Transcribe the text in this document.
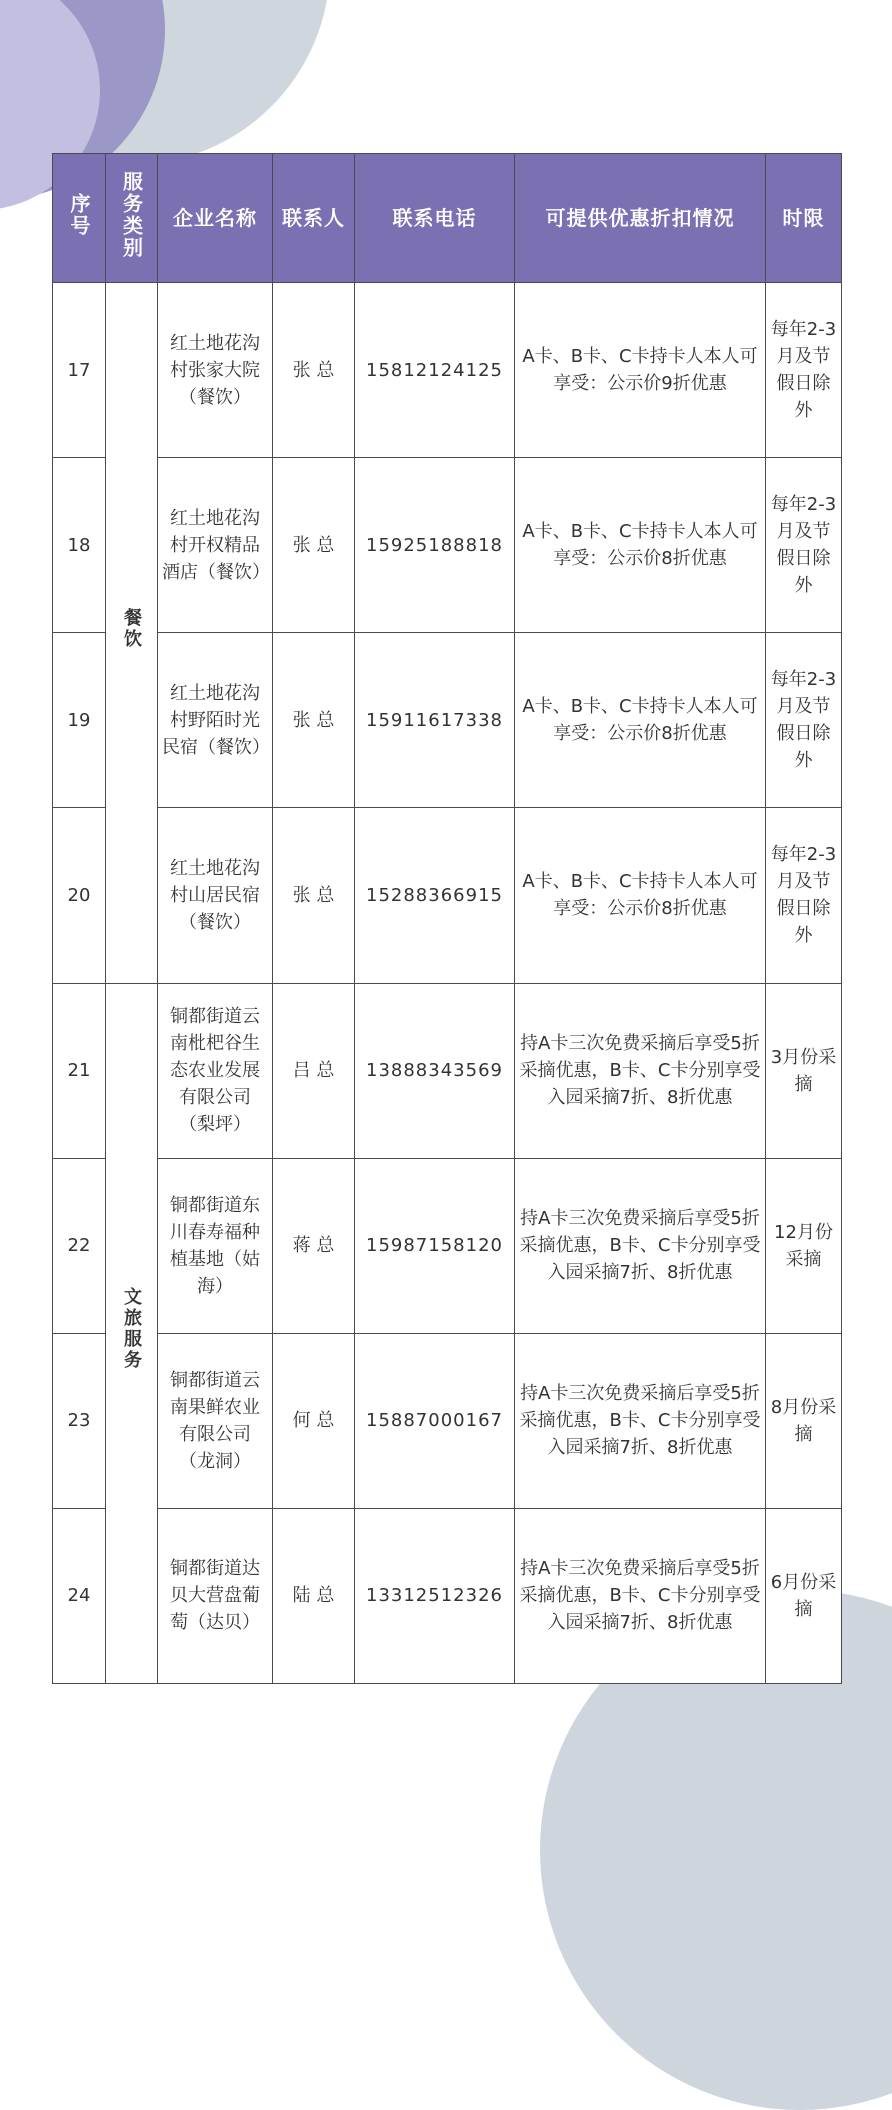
序号	服务类别	企业名称	联系人	联系电话	可提供优惠折扣情况	时限
17	餐饮	红土地花沟村张家大院（餐饮）	张 总	15812124125	A卡、B卡、C卡持卡人本人可享受：公示价9折优惠	每年2-3月及节假日除外
18		红土地花沟村开权精品酒店（餐饮）	张 总	15925188818	A卡、B卡、C卡持卡人本人可享受：公示价8折优惠	每年2-3月及节假日除外
19		红土地花沟村野陌时光民宿（餐饮）	张 总	15911617338	A卡、B卡、C卡持卡人本人可享受：公示价8折优惠	每年2-3月及节假日除外
20		红土地花沟村山居民宿（餐饮）	张 总	15288366915	A卡、B卡、C卡持卡人本人可享受：公示价8折优惠	每年2-3月及节假日除外
21	文旅服务	铜都街道云南枇杷谷生态农业发展有限公司（梨坪）	吕 总	13888343569	持A卡三次免费采摘后享受5折采摘优惠，B卡、C卡分别享受入园采摘7折、8折优惠	3月份采摘
22		铜都街道东川春寿福种植基地（姑海）	蒋 总	15987158120	持A卡三次免费采摘后享受5折采摘优惠，B卡、C卡分别享受入园采摘7折、8折优惠	12月份采摘
23		铜都街道云南果鲜农业有限公司（龙洞）	何 总	15887000167	持A卡三次免费采摘后享受5折采摘优惠，B卡、C卡分别享受入园采摘7折、8折优惠	8月份采摘
24		铜都街道达贝大营盘葡萄（达贝）	陆 总	13312512326	持A卡三次免费采摘后享受5折采摘优惠，B卡、C卡分别享受入园采摘7折、8折优惠	6月份采摘
